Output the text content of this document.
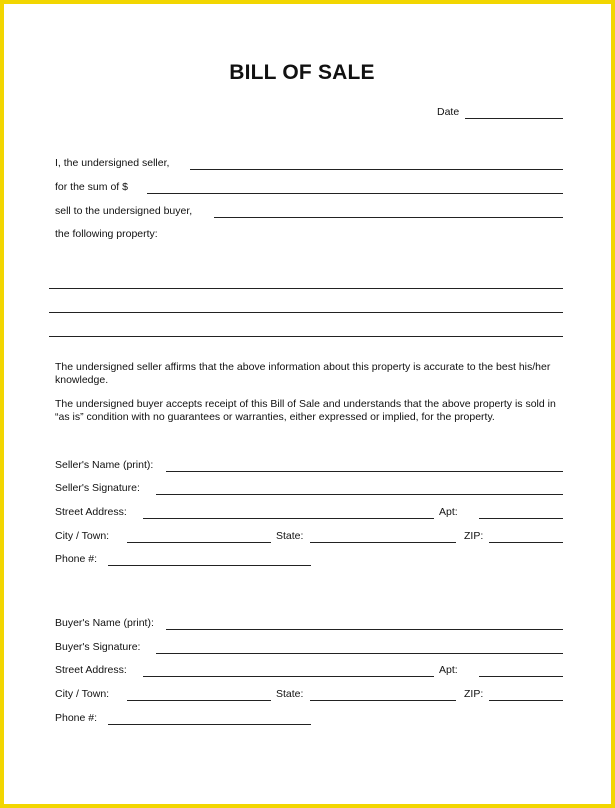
BILL OF SALE
Date
I, the undersigned seller,
for the sum of $
sell to the undersigned buyer,
the following property:
The undersigned seller affirms that the above information about this property is accurate to the best his/her knowledge.
The undersigned buyer accepts receipt of this Bill of Sale and understands that the above property is sold in “as is” condition with no guarantees or warranties, either expressed or implied, for the property.
Seller's Name (print):
Seller's Signature:
Street Address:	Apt:
City / Town:	State:	ZIP:
Phone #:
Buyer's Name (print):
Buyer's Signature:
Street Address:	Apt:
City / Town:	State:	ZIP:
Phone #:
